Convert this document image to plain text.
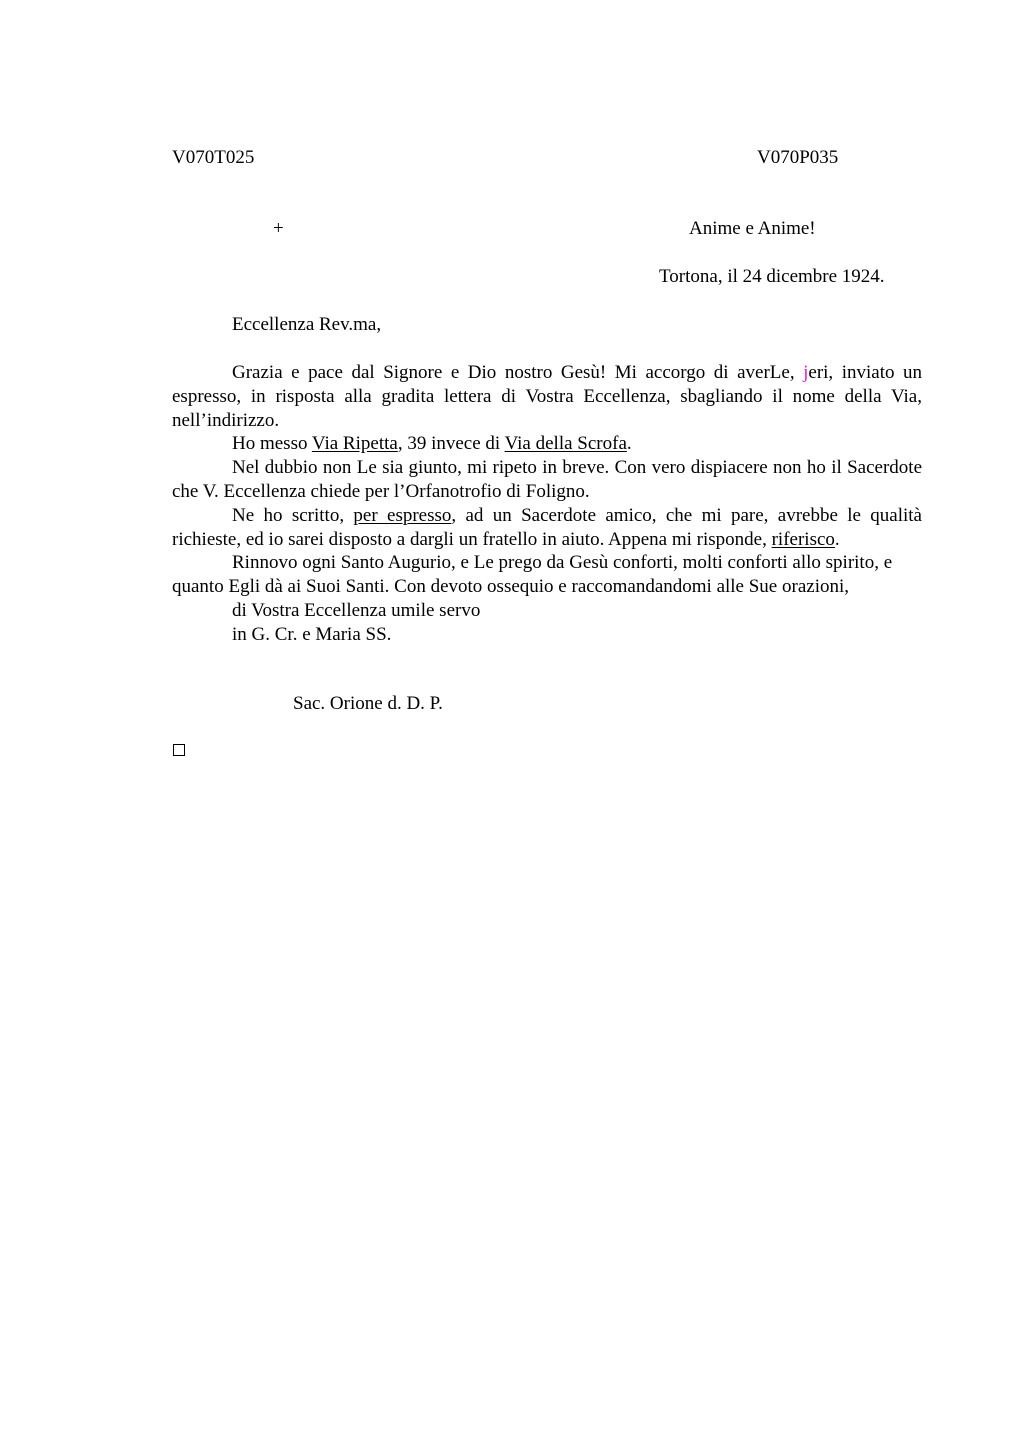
V070T025	V070P035
+	Anime e Anime!
Tortona, il 24 dicembre 1924.
Eccellenza Rev.ma,

Grazia e pace dal Signore e Dio nostro Gesù! Mi accorgo di averLe, jeri, inviato un espresso, in risposta alla gradita lettera di Vostra Eccellenza, sbagliando il nome della Via, nell’indirizzo.

Ho messo Via Ripetta, 39 invece di Via della Scrofa.

Nel dubbio non Le sia giunto, mi ripeto in breve. Con vero dispiacere non ho il Sacerdote che V. Eccellenza chiede per l’Orfanotrofio di Foligno.

Ne ho scritto, per espresso, ad un Sacerdote amico, che mi pare, avrebbe le qualità richieste, ed io sarei disposto a dargli un fratello in aiuto. Appena mi risponde, riferisco.

Rinnovo ogni Santo Augurio, e Le prego da Gesù conforti, molti conforti allo spirito, e quanto Egli dà ai Suoi Santi. Con devoto ossequio e raccomandandomi alle Sue orazioni,

di Vostra Eccellenza umile servo
in G. Cr. e Maria SS.
Sac. Orione d. D. P.
